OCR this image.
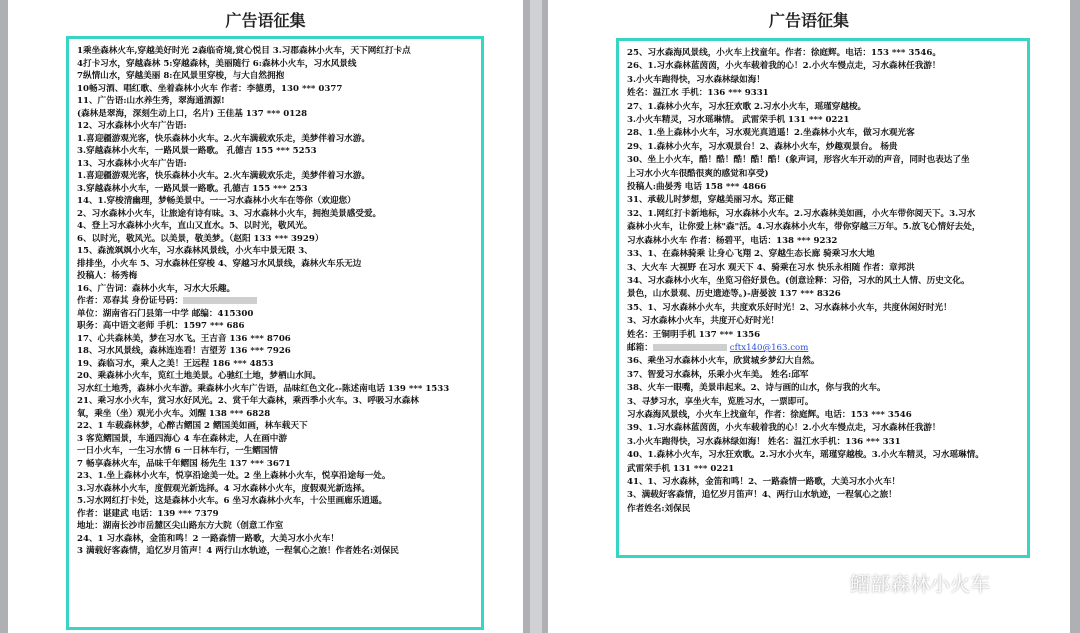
广告语征集
1乘坐森林火车,穿越美好时光 2森临奇境,赏心悦目 3.习郡森林小火车，天下网红打卡点
4打卡习水，穿越森林 5:穿越森林，美丽随行 6:森林小火车，习水风景线
7纵情山水，穿越美丽 8:在风景里穿梭，与大自然拥抱
10畅习酒、唱红歌、坐着森林小火车 作者：李德勇，130 *** 0377
11、广告语:山水养生秀，翠海通酒源!
(森林是翠海，深刻生动上口，名片) 王佳基 137 *** 0128
12、习水森林小火车广告语:
1.喜迎疆游观光客，快乐森林小火车。2.火车满载欢乐走，美梦伴着习水游。
3.穿越森林小火车，一路风景一路歌。 孔德吉 155 *** 5253
13、习水森林小火车广告语:
1.喜迎疆游观光客，快乐森林小火车。2.火车满载欢乐走，美梦伴着习水游。
3.穿越森林小火车，一路风景一路歌。孔德吉 155 *** 253
14、1.穿梭清幽理，梦畅美景中。一一习水森林小火车在等你（欢迎您）
2、习水森林小火车，让旅途有诗有味。3、习水森林小火车，拥抱美景感受爱。
4、登上习水森林小火车，直山又直水。5、以时光，敬风光。
6、以时光，敬风光。以美景，敬美梦。（赵阳 133 *** 3929）
15、森流飒飒小火车，习水森林风景线，小火车中景无限 3、
排排坐，小火车 5、习水森林任穿梭 4、穿越习水风景线，森林火车乐无边
投稿人：杨秀梅
16、广告词：森林小火车，习水大乐趣。
作者：邓春其 身份证号码：
单位：湖南省石门县第一中学 邮编：415300
职务：高中语文老师 手机：1597 *** 686
17、心共森林美，梦在习水飞。王吉音 136 *** 8706
18、习水风景线，森林连连看！吉望芳 136 *** 7926
19、森临习水，乘人之美！王远程 186 *** 4853
20、乘森林小火车，览红土地美景。心驰红土地，梦栖山水间。
习水红土地秀，森林小火车游。乘森林小火车广告语，品味红色文化--陈述南电话 139 *** 1533
21、乘习水小火车，赏习水好风光。2、赏千年大森林，乘西季小火车。3、呼吸习水森林
氧，乘坐（坐）观光小火车。刘醒 138 *** 6828
22、1 车载森林梦，心醉古鳛国 2 鳛国美如画，林车载天下
3 客览鳛国景，车通四海心 4 车在森林走，人在画中游
一日小火车，一生习水情 6 一日林车行，一生鳛国情
7 畅享森林火车，品味千年鳛国 杨先生 137 *** 3671
23、1.坐上森林小火车，悦享沿途美一处。2 坐上森林小火车，悦享沿途每一处。
3.习水森林小火车，度假观光新选择。4 习水森林小火车，度假观光新选择。
5.习水网红打卡处，这是森林小火车。6 坐习水森林小火车，十公里画廊乐逍遥。
作者：谌建武 电话：139 *** 7379
地址：湖南长沙市岳麓区尖山路东方大院（创意工作室
24、1 习水森林，金笛和鸣！2 一路森情一路歌，大美习水小火车！
3 满载好客森情，追忆岁月笛声！4 两行山水轨迹，一程氧心之旅！作者姓名:刘保民
广告语征集
25、习水森海风景线，小火车上找童年。作者：徐庭辉。电话：153 *** 3546。
26、1.习水森林蓝茵茵，小火车载着我的心！2.小火车慢点走，习水森林任我游！
3.小火车跑得快，习水森林绿如海！
姓名：温江水 手机：136 *** 9331
27、1.森林小火车，习水狂欢歌 2.习水小火车，瑶瑾穿越梭。
3.小火车精灵，习水瑶琳情。 武雷荣手机 131 *** 0221
28、1.坐上森林小火车，习水观光真逍遥！2.坐森林小火车，做习水观光客
29、1.森林小火车，习水观景台！2、森林小火车，炒趣观景台。 杨贵
30、坐上小火车，酷！酷！酷！酷！酷！(象声词，形容火车开动的声音，同时也表达了坐
上习水小火车很酷很爽的感觉和享受)
投稿人:曲晏秀 电话 158 *** 4866
31、承载儿时梦想，穿越美丽习水。郑正健
32、1.网红打卡新地标，习水森林小火车。2.习水森林美如画，小火车带你阅天下。3.习水
森林小火车，让你爱上林"森"活。4.习水森林小火车，带你穿越三万年。5.放飞心情好去处，
习水森林小火车 作者：杨碧平，电话：138 *** 9232
33、1、在森林骑乘 让身心飞翔 2、穿越生态长廊 骑乘习水大地
3、大火车 大视野 在习水 观天下 4、骑乘在习水 快乐永相随 作者：章邦洪
34、习水森林小火车，坐览习俗好景色。(创意诠释：习俗，习水的风土人情、历史文化。
景色，山水景观、历史遗迹等。)-唐晏波 137 *** 8326
35、1、习水森林小火车，共度欢乐好时光！2、习水森林小火车，共度休闲好时光！
3、习水森林小火车，共度开心好时光！
姓名：王铜明手机 137 *** 1356
邮箱：	cftx140@163.com
36、乘坐习水森林小火车，欣赏城乡梦幻大自然。
37、智爱习水森林，乐乘小火车美。 姓名:邱军
38、火车一眼嘴，美景串起来。2、诗与画的山水，你与我的火车。
3、寻梦习水，享坐火车，览胜习水，一票即可。
习水森海风景线，小火车上找童年，作者：徐庭辉。电话：153 *** 3546
39、1.习水森林蓝茵茵，小火车载着我的心！2.小火车慢点走，习水森林任我游！
3.小火车跑得快，习水森林绿如海！ 姓名：温江水手机：136 *** 331
40、1.森林小火车，习水狂欢歌。2.习水小火车，瑶瑾穿越梭。3.小火车精灵，习水瑶琳情。
武雷荣手机 131 *** 0221
41、1、习水森林，金笛和鸣！2、一路森情一路歌，大美习水小火车！
3、满载好客森情，追忆岁月笛声！4、两行山水轨迹，一程氧心之旅！
作者姓名:刘保民
鳛部森林小火车
